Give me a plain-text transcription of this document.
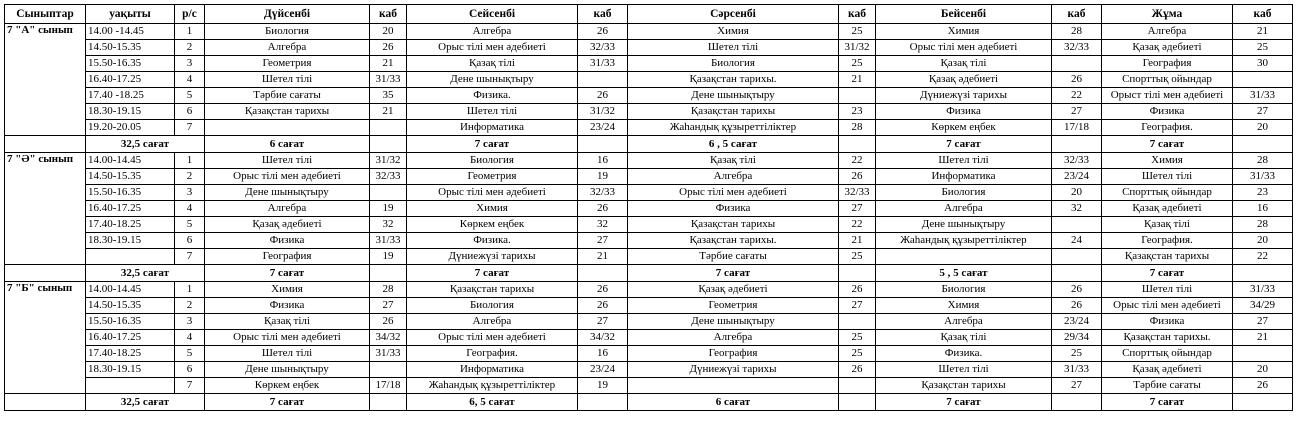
Сыныптар	уақыты	р/с	Дүйсенбі	каб	Сейсенбі	каб	Сәрсенбі	каб	Бейсенбі	каб	Жұма	каб
7 "А" сынып	14.00 -14.45	1	Биология	20	Алгебра	26	Химия	25	Химия	28	Алгебра	21
	14.50-15.35	2	Алгебра	26	Орыс тілі мен әдебиеті	32/33	Шетел тілі	31/32	Орыс тілі мен әдебиеті	32/33	Қазақ әдебиеті	25
	15.50-16.35	3	Геометрия	21	Қазақ тілі	31/33	Биология	25	Қазақ тілі		География	30
	16.40-17.25	4	Шетел тілі	31/33	Дене шынықтыру		Қазақстан тарихы.	21	Қазақ әдебиеті	26	Спорттық ойындар	
	17.40 -18.25	5	Тәрбие сағаты	35	Физика.	26	Дене шынықтыру		Дүниежүзі тарихы	22	Орыст тілі мен әдебиеті	31/33
	18.30-19.15	6	Қазақстан тарихы	21	Шетел тілі	31/32	Қазақстан тарихы	23	Физика	27	Физика	27
	19.20-20.05	7			Информатика	23/24	Жаһандық құзыреттіліктер	28	Көркем еңбек	17/18	География.	20
	32,5 сағат		6 сағат		7 сағат		6 , 5 сағат		7 сағат		7 сағат	
7 "Ә" сынып	14.00-14.45	1	Шетел тілі	31/32	Биология	16	Қазақ тілі	22	Шетел тілі	32/33	Химия	28
	14.50-15.35	2	Орыс тілі мен әдебиеті	32/33	Геометрия	19	Алгебра	26	Информатика	23/24	Шетел тілі	31/33
	15.50-16.35	3	Дене шынықтыру		Орыс тілі мен әдебиеті	32/33	Орыс тілі мен әдебиеті	32/33	Биология	20	Спорттық ойындар	23
	16.40-17.25	4	Алгебра	19	Химия	26	Физика	27	Алгебра	32	Қазақ әдебиеті	16
	17.40-18.25	5	Қазақ әдебиеті	32	Көркем еңбек	32	Қазақстан тарихы	22	Дене шынықтыру		Қазақ тілі	28
	18.30-19.15	6	Физика	31/33	Физика.	27	Қазақстан тарихы.	21	Жаһандық құзыреттіліктер	24	География.	20
		7	География	19	Дүниежүзі тарихы	21	Тәрбие сағаты	25			Қазақстан тарихы	22
	32,5 сағат		7 сағат		7 сағат		7 сағат		5 , 5 сағат		7 сағат	
7 "Б" сынып	14.00-14.45	1	Химия	28	Қазақстан тарихы	26	Қазақ әдебиеті	26	Биология	26	Шетел тілі	31/33
	14.50-15.35	2	Физика	27	Биология	26	Геометрия	27	Химия	26	Орыс тілі мен әдебиеті	34/29
	15.50-16.35	3	Қазақ тілі	26	Алгебра	27	Дене шынықтыру		Алгебра	23/24	Физика	27
	16.40-17.25	4	Орыс тілі мен әдебиеті	34/32	Орыс тілі мен әдебиеті	34/32	Алгебра	25	Қазақ тілі	29/34	Қазақстан тарихы.	21
	17.40-18.25	5	Шетел тілі	31/33	География.	16	География	25	Физика.	25	Спорттық ойындар	
	18.30-19.15	6	Дене шынықтыру		Информатика	23/24	Дүниежүзі тарихы	26	Шетел тілі	31/33	Қазақ әдебиеті	20
		7	Көркем еңбек	17/18	Жаһандық құзыреттіліктер	19			Қазақстан тарихы	27	Тәрбие сағаты	26
	32,5 сағат		7 сағат		6, 5 сағат		6 сағат		7 сағат		7 сағат	
